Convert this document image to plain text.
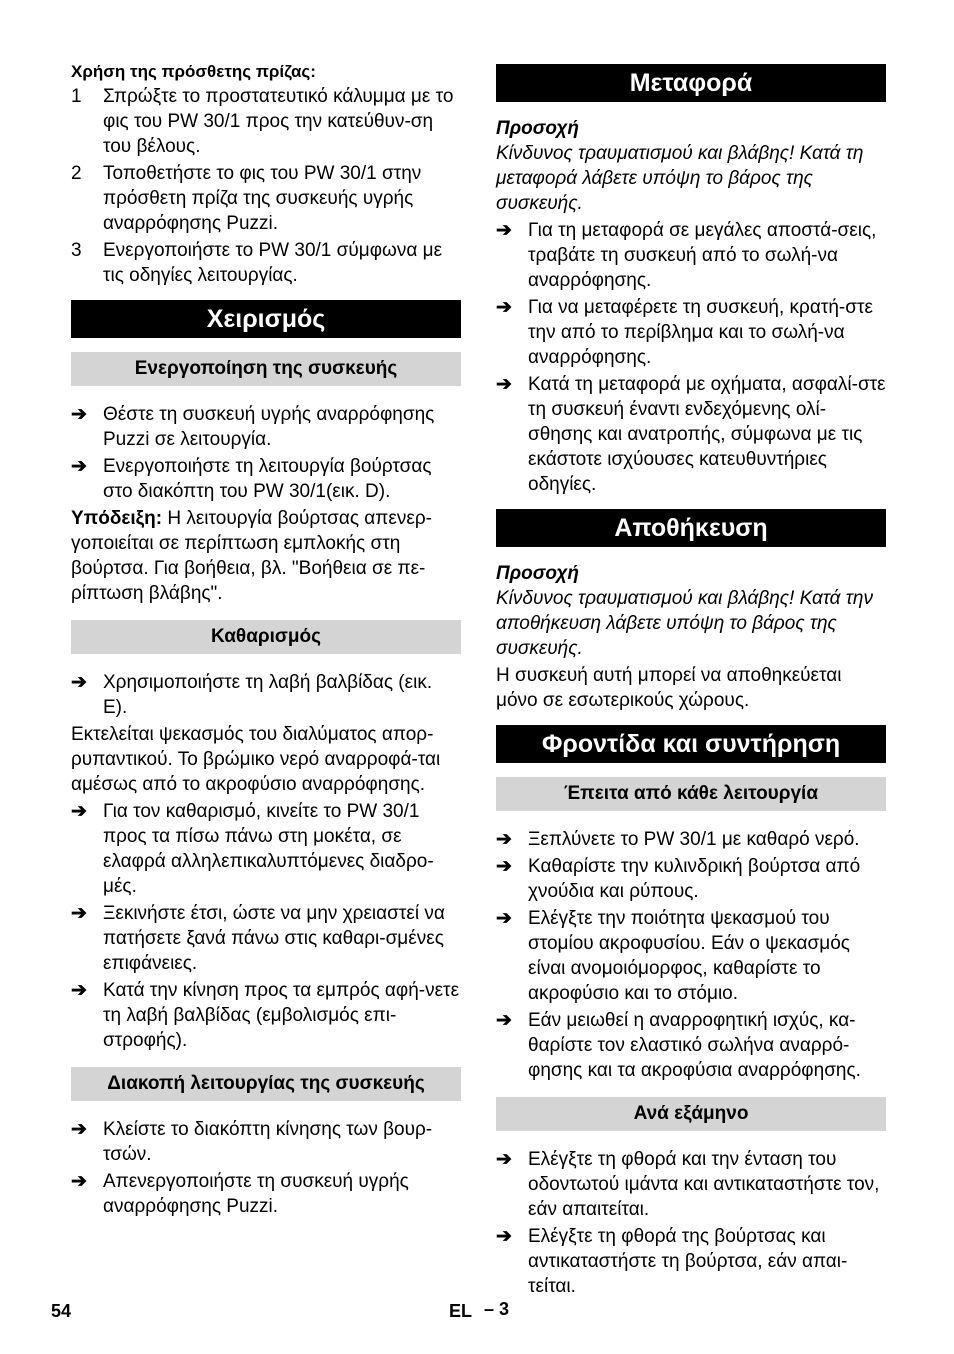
Χρήση της πρόσθετης πρίζας:
1 Σπρώξτε το προστατευτικό κάλυμμα με το φις του PW 30/1 προς την κατεύθυν-ση του βέλους.
2 Τοποθετήστε το φις του PW 30/1 στην πρόσθετη πρίζα της συσκευής υγρής αναρρόφησης Puzzi.
3 Ενεργοποιήστε το PW 30/1 σύμφωνα με τις οδηγίες λειτουργίας.
Χειρισμός
Ενεργοποίηση της συσκευής
➔ Θέστε τη συσκευή υγρής αναρρόφησης Puzzi σε λειτουργία.
➔ Ενεργοποιήστε τη λειτουργία βούρτσας στο διακόπτη του PW 30/1(εικ. D).

Υπόδειξη: Η λειτουργία βούρτσας απενερ-γοποιείται σε περίπτωση εμπλοκής στη βούρτσα. Για βοήθεια, βλ. "Βοήθεια σε πε-ρίπτωση βλάβης".

Καθαρισμός
➔ Χρησιμοποιήστε τη λαβή βαλβίδας (εικ. E).

Εκτελείται ψεκασμός του διαλύματος απορ-ρυπαντικού. Το βρώμικο νερό αναρροφά-ται αμέσως από το ακροφύσιο αναρρόφησης.

➔ Για τον καθαρισμό, κινείτε το PW 30/1 προς τα πίσω πάνω στη μοκέτα, σε ελαφρά αλληλεπικαλυπτόμενες διαδρο-μές.
➔ Ξεκινήστε έτσι, ώστε να μην χρειαστεί να πατήσετε ξανά πάνω στις καθαρι-σμένες επιφάνειες.
➔ Κατά την κίνηση προς τα εμπρός αφή-νετε τη λαβή βαλβίδας (εμβολισμός επι-στροφής).
Διακοπή λειτουργίας της συσκευής
➔ Κλείστε το διακόπτη κίνησης των βουρ-τσών.
➔ Απενεργοποιήστε τη συσκευή υγρής αναρρόφησης Puzzi.
Μεταφορά
Προσοχή

Κίνδυνος τραυματισμού και βλάβης! Κατά τη μεταφορά λάβετε υπόψη το βάρος της συσκευής.

➔ Για τη μεταφορά σε μεγάλες αποστά-σεις, τραβάτε τη συσκευή από το σωλή-να αναρρόφησης.
➔ Για να μεταφέρετε τη συσκευή, κρατή-στε την από το περίβλημα και το σωλή-να αναρρόφησης.
➔ Κατά τη μεταφορά με οχήματα, ασφαλί-στε τη συσκευή έναντι ενδεχόμενης ολί-σθησης και ανατροπής, σύμφωνα με τις εκάστοτε ισχύουσες κατευθυντήριες οδηγίες.
Αποθήκευση
Προσοχή

Κίνδυνος τραυματισμού και βλάβης! Κατά την αποθήκευση λάβετε υπόψη το βάρος της συσκευής.

Η συσκευή αυτή μπορεί να αποθηκεύεται μόνο σε εσωτερικούς χώρους.

Φροντίδα και συντήρηση
Έπειτα από κάθε λειτουργία
➔ Ξεπλύνετε το PW 30/1 με καθαρό νερό.
➔ Καθαρίστε την κυλινδρική βούρτσα από χνούδια και ρύπους.
➔ Ελέγξτε την ποιότητα ψεκασμού του στομίου ακροφυσίου. Εάν ο ψεκασμός είναι ανομοιόμορφος, καθαρίστε το ακροφύσιο και το στόμιο.
➔ Εάν μειωθεί η αναρροφητική ισχύς, κα-θαρίστε τον ελαστικό σωλήνα αναρρό-φησης και τα ακροφύσια αναρρόφησης.
Ανά εξάμηνο
➔ Ελέγξτε τη φθορά και την ένταση του οδοντωτού ιμάντα και αντικαταστήστε τον, εάν απαιτείται.
➔ Ελέγξτε τη φθορά της βούρτσας και αντικαταστήστε τη βούρτσα, εάν απαι-τείται.
54	EL – 3
